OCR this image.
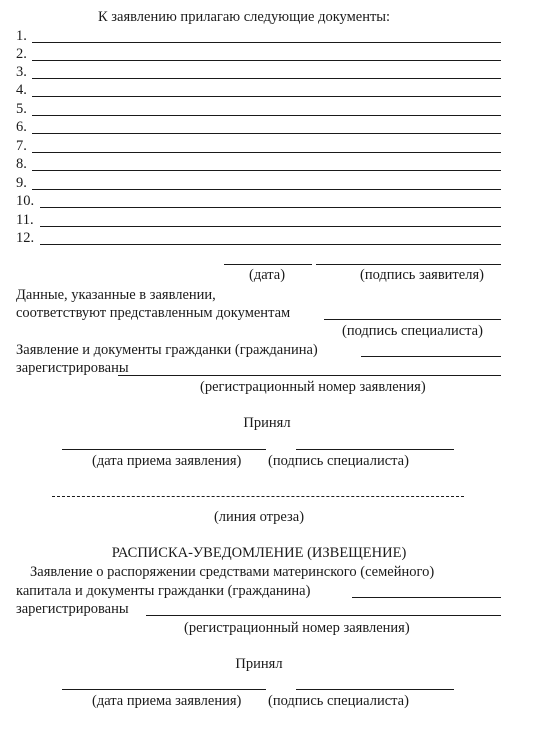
К заявлению прилагаю следующие документы:
1.
2.
3.
4.
5.
6.
7.
8.
9.
10.
11.
12.
(дата)	(подпись заявителя)
Данные, указанные в заявлении,
соответствуют представленным документам
(подпись специалиста)
Заявление и документы гражданки (гражданина)
зарегистрированы
(регистрационный номер заявления)
Принял
(дата приема заявления) (подпись специалиста)
(линия отреза)
РАСПИСКА-УВЕДОМЛЕНИЕ (ИЗВЕЩЕНИЕ)
Заявление о распоряжении средствами материнского (семейного)
капитала и документы гражданки (гражданина)
зарегистрированы
(регистрационный номер заявления)
Принял
(дата приема заявления) (подпись специалиста)
